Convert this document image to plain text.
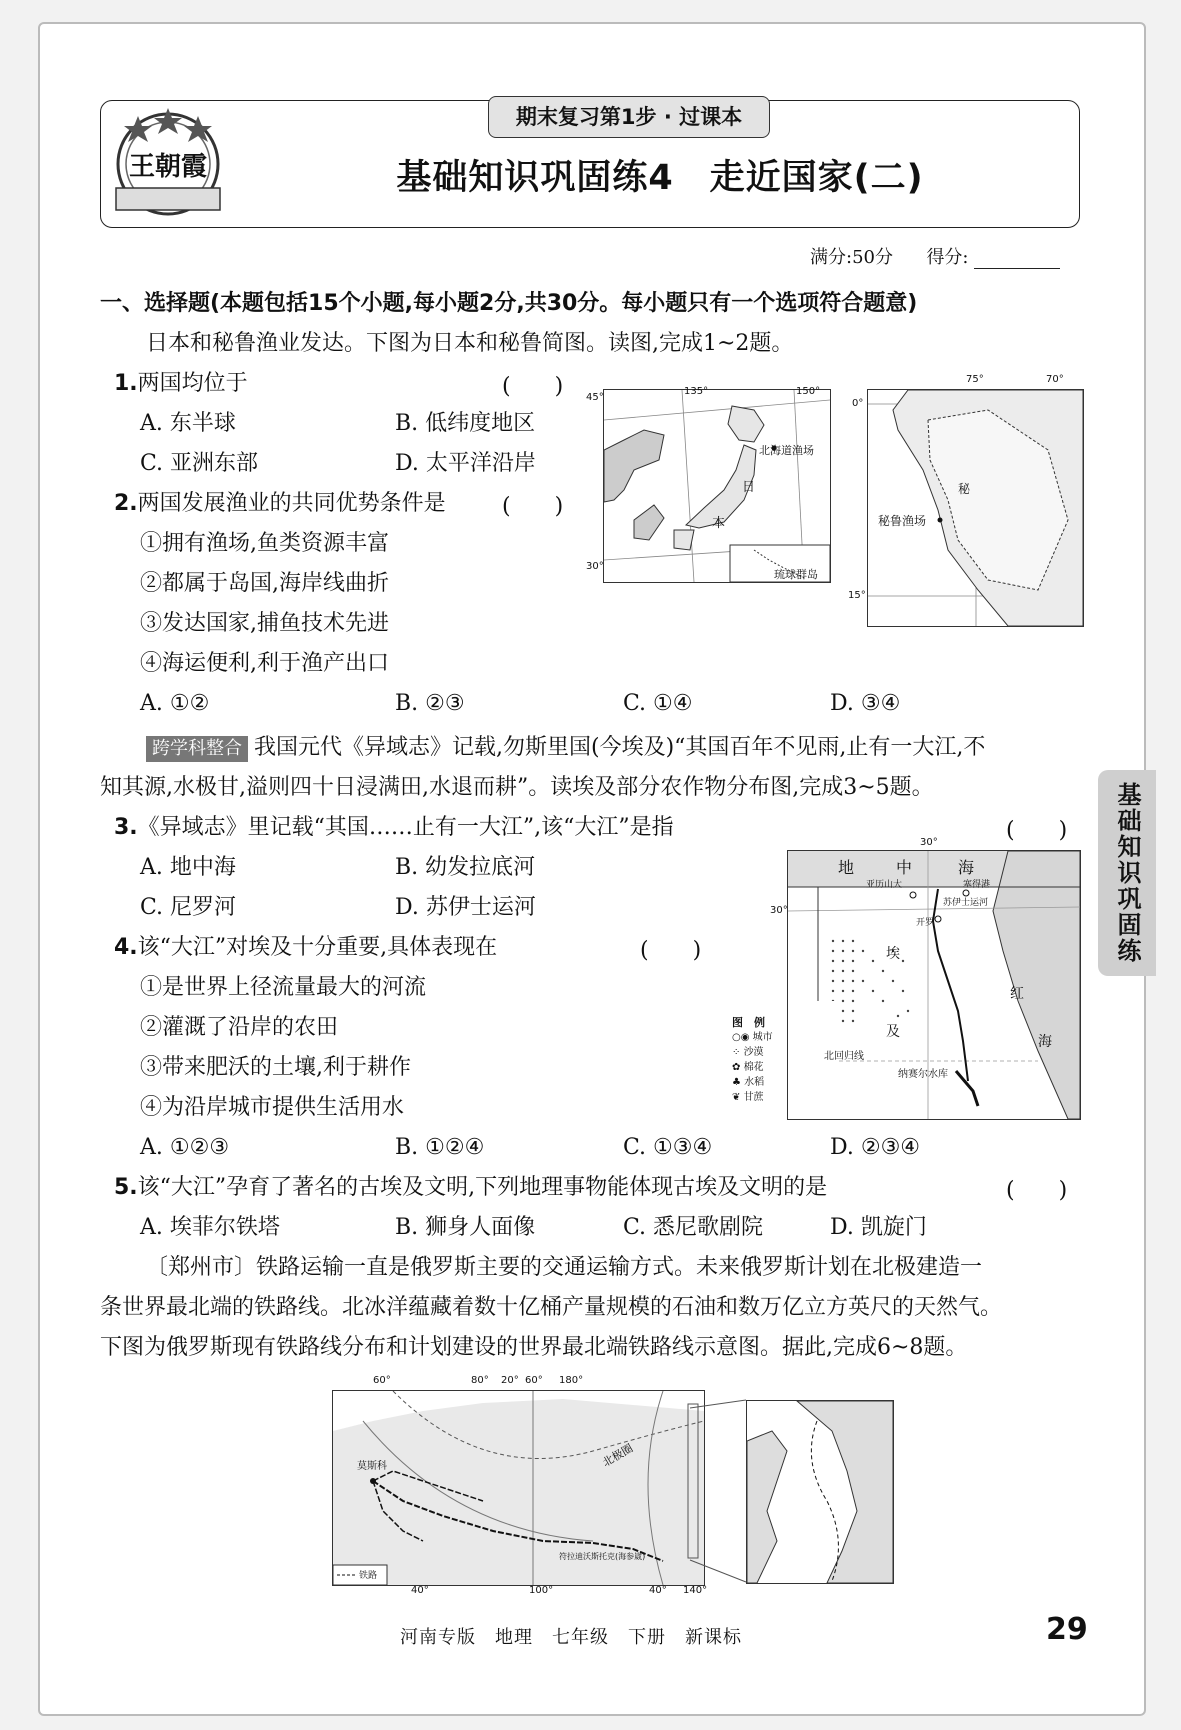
王朝霞
期末复习第1步 · 过课本
基础知识巩固练4　走近国家(二)
满分:50分 得分:
一、选择题(本题包括15个小题,每小题2分,共30分。每小题只有一个选项符合题意)
日本和秘鲁渔业发达。下图为日本和秘鲁简图。读图,完成1~2题。
1.两国均位于	(　　)
A. 东半球	B. 低纬度地区
C. 亚洲东部	D. 太平洋沿岸
2.两国发展渔业的共同优势条件是	(　　)
①拥有渔场,鱼类资源丰富
②都属于岛国,海岸线曲折
③发达国家,捕鱼技术先进
④海运便利,利于渔产出口
A. ①②	B. ②③	C. ①④	D. ③④
135°	150°
45°
30°
北海道渔场
日
本
琉球群岛
75°	70°
0°
15°
秘鲁渔场
秘
跨学科整合 我国元代《异域志》记载,勿斯里国(今埃及)“其国百年不见雨,止有一大江,不
知其源,水极甘,溢则四十日浸满田,水退而耕”。读埃及部分农作物分布图,完成3~5题。
3.《异域志》里记载“其国……止有一大江”,该“大江”是指	(　　)
A. 地中海	B. 幼发拉底河
C. 尼罗河	D. 苏伊士运河
4.该“大江”对埃及十分重要,具体表现在	(　　)
①是世界上径流量最大的河流
②灌溉了沿岸的农田
③带来肥沃的土壤,利于耕作
④为沿岸城市提供生活用水
A. ①②③	B. ①②④	C. ①③④	D. ②③④
30°
30°
地	中	海
亚历山大	塞得港
苏伊士运河
开罗
埃
及
红
海
北回归线
纳赛尔水库
图　例
○◉ 城市
⁘ 沙漠
✿ 棉花
♣ 水稻
❦ 甘蔗
5.该“大江”孕育了著名的古埃及文明,下列地理事物能体现古埃及文明的是	(　　)
A. 埃菲尔铁塔	B. 狮身人面像	C. 悉尼歌剧院	D. 凯旋门
〔郑州市〕铁路运输一直是俄罗斯主要的交通运输方式。未来俄罗斯计划在北极建造一
条世界最北端的铁路线。北冰洋蕴藏着数十亿桶产量规模的石油和数万亿立方英尺的天然气。
下图为俄罗斯现有铁路线分布和计划建设的世界最北端铁路线示意图。据此,完成6~8题。
60°	80° 20° 60° 180°
40°	100°	40° 140°
北极圈
莫斯科
符拉迪沃斯托克(海参崴)
铁路
基础知识巩固练
河南专版　地理　七年级　下册　新课标	29
